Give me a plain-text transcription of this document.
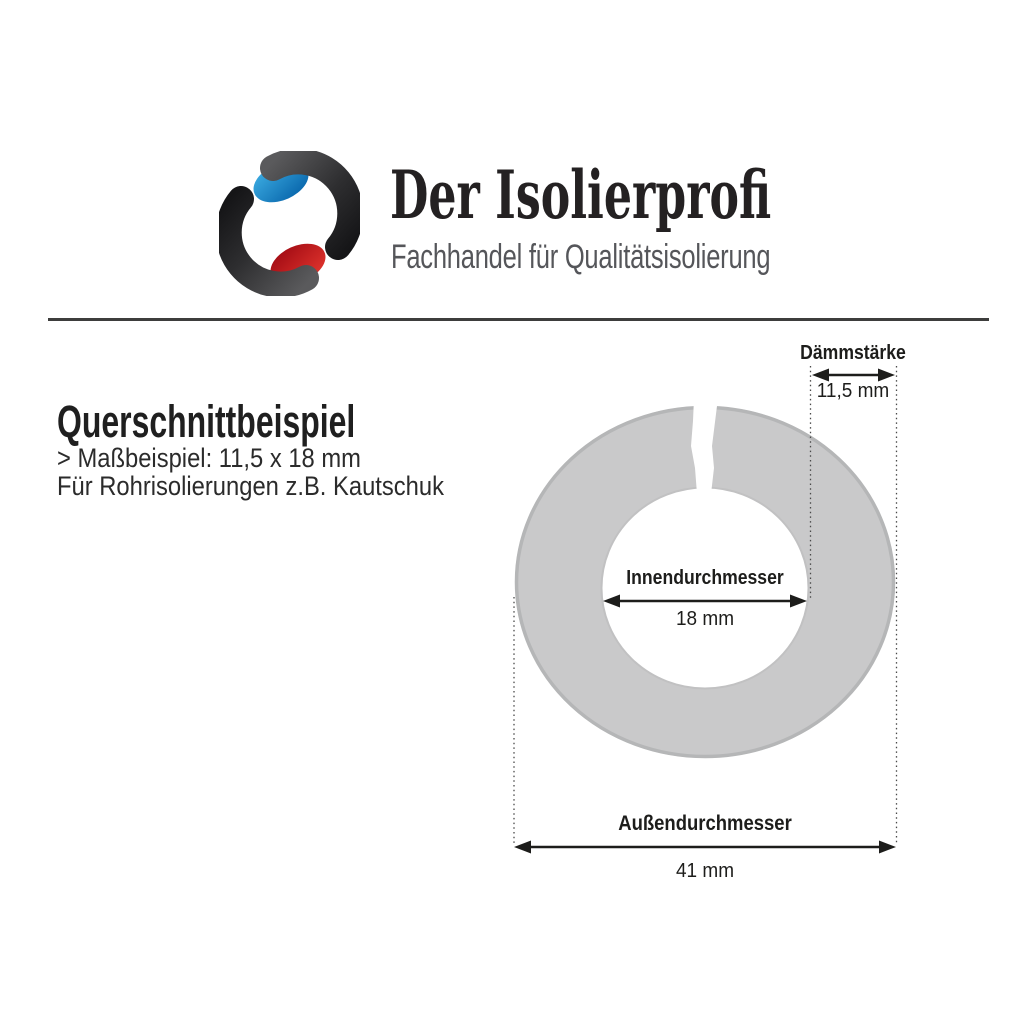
Der Isolierprofi
Fachhandel für Qualitätsisolierung
Querschnittbeispiel
> Maßbeispiel: 11,5 x 18 mm
Für Rohrisolierungen z.B. Kautschuk
Dämmstärke
11,5 mm
Innendurchmesser
18 mm
Außendurchmesser
41 mm
